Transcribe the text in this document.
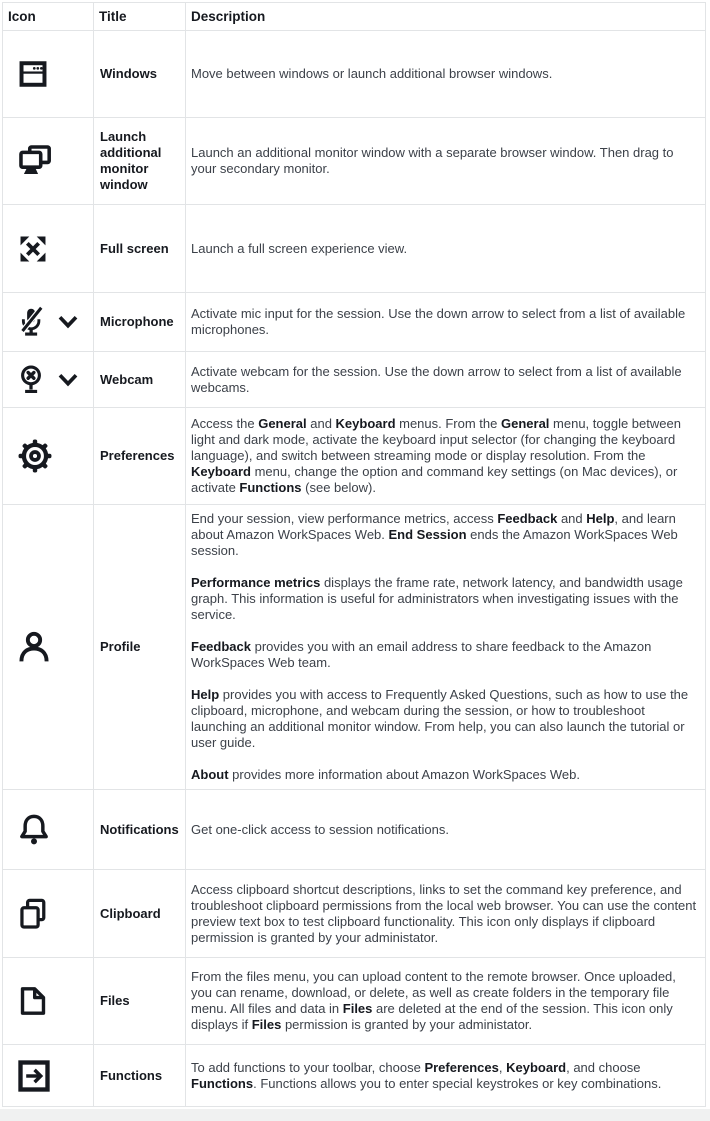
Icon	Title	Description

	Windows	Move between windows or launch additional browser windows.

	Launch additional monitor window	Launch an additional monitor window with a separate browser window. Then drag to your secondary monitor.

	Full screen	Launch a full screen experience view.

	Microphone	Activate mic input for the session. Use the down arrow to select from a list of available microphones.

	Webcam	Activate webcam for the session. Use the down arrow to select from a list of available webcams.

	Preferences	Access the General and Keyboard menus. From the General menu, toggle between light and dark mode, activate the keyboard input selector (for changing the keyboard language), and switch between streaming mode or display resolution. From the Keyboard menu, change the option and command key settings (on Mac devices), or activate Functions (see below).

	Profile	End your session, view performance metrics, access Feedback and Help, and learn about Amazon WorkSpaces Web. End Session ends the Amazon WorkSpaces Web session.

Performance metrics displays the frame rate, network latency, and bandwidth usage graph. This information is useful for administrators when investigating issues with the service.

Feedback provides you with an email address to share feedback to the Amazon WorkSpaces Web team.

Help provides you with access to Frequently Asked Questions, such as how to use the clipboard, microphone, and webcam during the session, or how to troubleshoot launching an additional monitor window. From help, you can also launch the tutorial or user guide.

About provides more information about Amazon WorkSpaces Web.

	Notifications	Get one-click access to session notifications.

	Clipboard	Access clipboard shortcut descriptions, links to set the command key preference, and troubleshoot clipboard permissions from the local web browser. You can use the content preview text box to test clipboard functionality. This icon only displays if clipboard permission is granted by your administator.

	Files	From the files menu, you can upload content to the remote browser. Once uploaded, you can rename, download, or delete, as well as create folders in the temporary file menu. All files and data in Files are deleted at the end of the session. This icon only displays if Files permission is granted by your administator.

	Functions	To add functions to your toolbar, choose Preferences, Keyboard, and choose Functions. Functions allows you to enter special keystrokes or key combinations.
